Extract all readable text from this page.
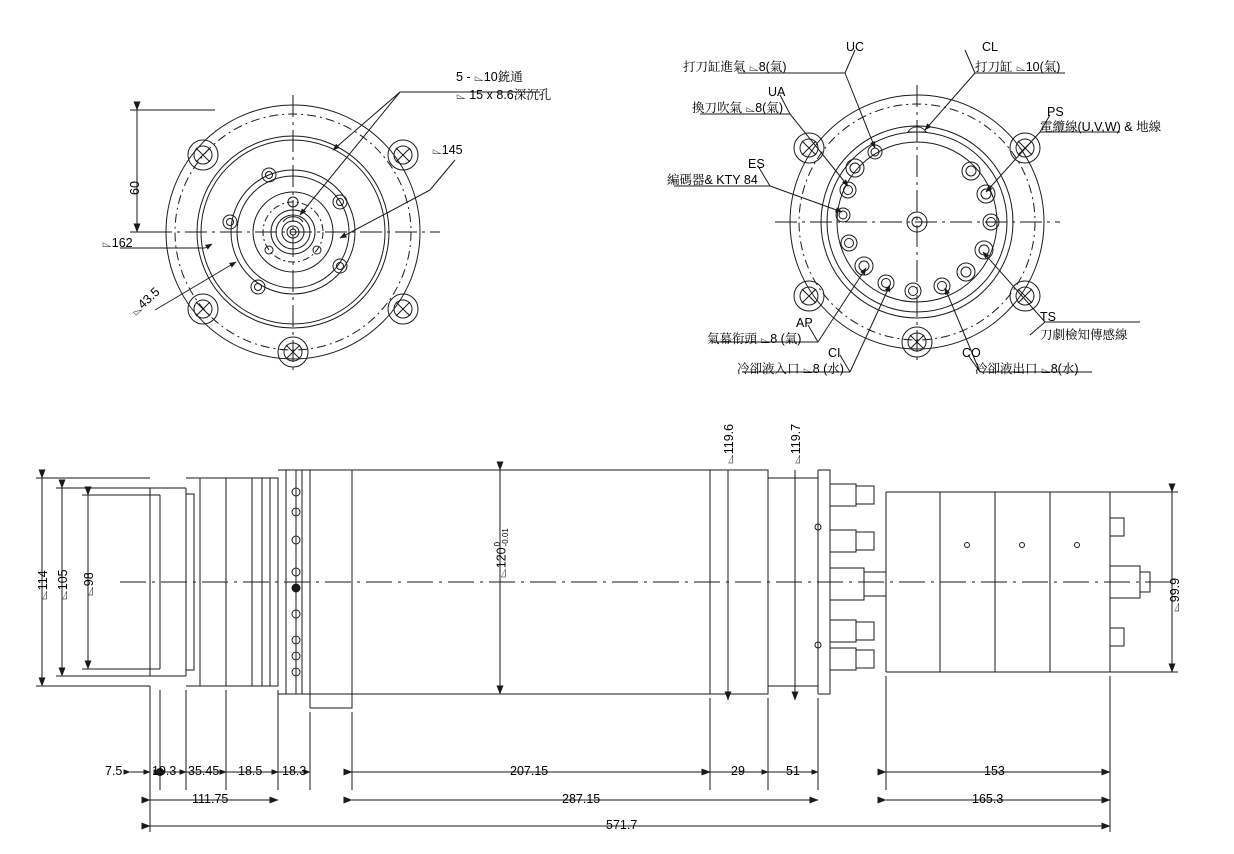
5 - ⌳10銃通
⌳ 15 x 8.6深沉孔
60
⌳145
⌳162
⌳43.5
UC
打刀缸進氣 ⌳8(氣)
CL
打刀缸 ⌳10(氣)
UA
換刀吹氣 ⌳8(氣)	PS
電纜線(U,V,W) & 地線
ES
編碼器& KTY 84
AP
氣幕衔頭 ⌳8 (氣)
TS
刀劇檢知傳感線
CI
冷卻液入口 ⌳8 (水)
CO
冷卻液出口 ⌳8(水)
⌳114 ⌳105 ⌳98	⌳99.9
⌳119.6	⌳119.7
⌳1200
-0.01
7.5 19.3 35.45 18.5 18.3	207.15	29	51	153
111.75	287.15	165.3
571.7
